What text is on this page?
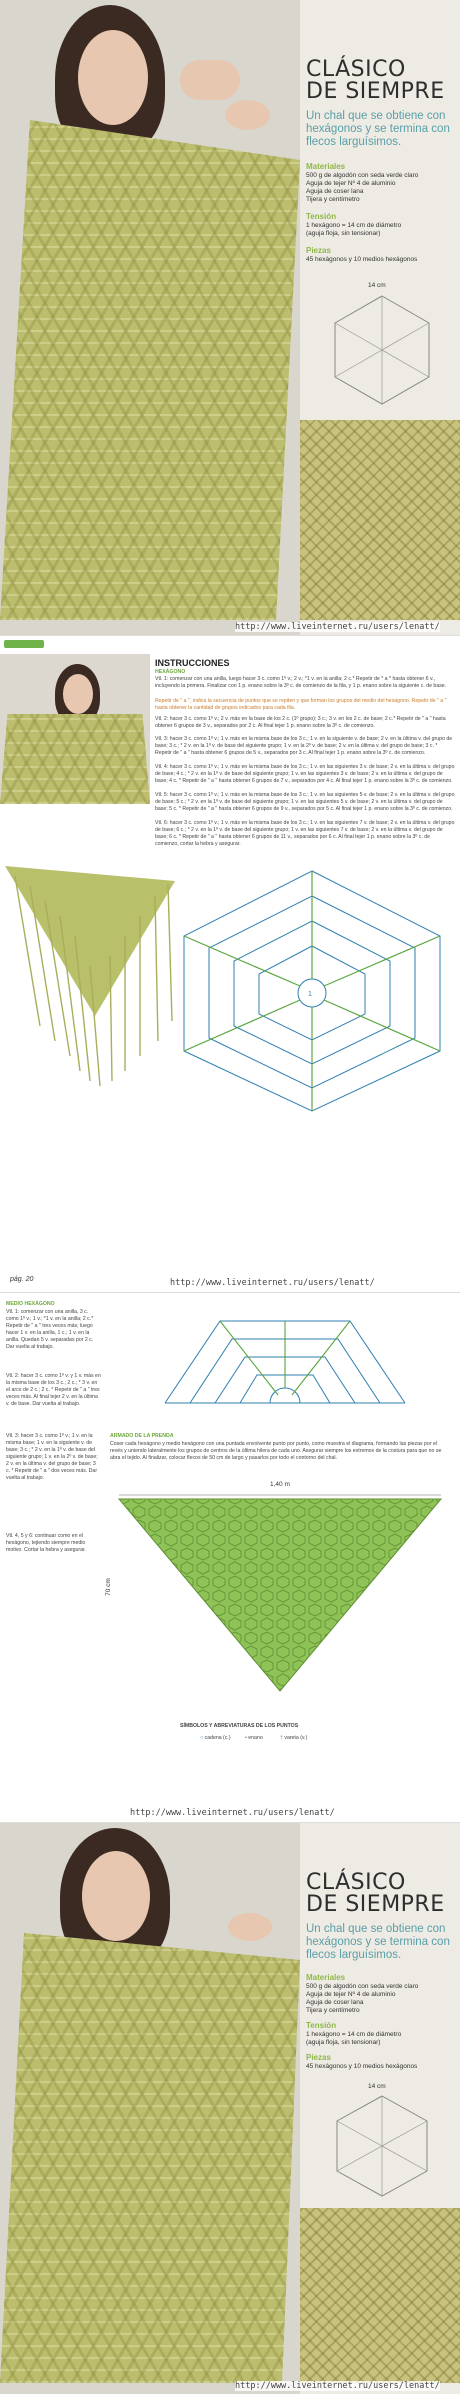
CLÁSICO
DE SIEMPRE
Un chal que se obtiene con hexágonos y se termina con flecos larguísimos.
Materiales
500 g de algodón con seda verde claro
Aguja de tejer Nº 4 de aluminio
Aguja de coser lana
Tijera y centímetro
Tensión
1 hexágono = 14 cm de diámetro
(aguja floja, sin tensionar)
Piezas
45 hexágonos y 10 medios hexágonos
14 cm
http://www.liveinternet.ru/users/lenatt/
INSTRUCCIONES
HEXÁGONO
Vtl. 1: comenzar con una anilla, luego hacer 3 c. como 1º v.; 2 v.; *1 v. en la anilla; 2 c.* Repetir de * a * hasta obtener 6 v., incluyendo la primera. Finalizar con 1 p. enano sobre la 3º c. de comienzo de la fila, y 1 p. enano sobre la siguiente c. de base.
Repetir de " a ", indica la secuencia de puntos que se repiten y que forman los grupos del medio del hexágono. Repetir de " a " hasta obtener la cantidad de grupos indicados para cada fila.
Vtl. 2: hacer 3 c. como 1º v.; 2 v. más en la base de los 2 c. (1º grupo); 3 c.; 3 v. en los 2 c. de base; 2 c.* Repetir de " a " hasta obtener 6 grupos de 3 v., separados por 2 c. Al final tejer 1 p. enano sobre la 3º c. de comienzo.
Vtl. 3: hacer 3 c. como 1º v.; 1 v. más en la misma base de los 3 c.; 1 v. en la siguiente v. de base; 2 v. en la última v. del grupo de base; 3 c.; * 2 v. en la 1º v. de base del siguiente grupo; 1 v. en la 2º v. de base; 2 v. en la última v. del grupo de base; 3 c. * Repetir de " a " hasta obtener 6 grupos de 5 v., separados por 3 c. Al final tejer 1 p. enano sobre la 3º c. de comienzo.
Vtl. 4: hacer 3 c. como 1º v.; 1 v. más en la misma base de los 3 c.; 1 v. en las siguientes 3 v. de base; 2 v. en la última v. del grupo de base; 4 c.; * 2 v. en la 1º v. de base del siguiente grupo; 1 v. en las siguientes 3 v. de base; 2 v. en la última v. del grupo de base; 4 c. * Repetir de " a " hasta obtener 6 grupos de 7 v., separados por 4 c. Al final tejer 1 p. enano sobre la 3º c. de comienzo.
Vtl. 5: hacer 3 c. como 1º v.; 1 v. más en la misma base de los 3 c.; 1 v. en las siguientes 5 v. de base; 2 v. en la última v. del grupo de base; 5 c.; * 2 v. en la 1º v. de base del siguiente grupo; 1 v. en las siguientes 5 v. de base; 2 v. en la última v. del grupo de base; 5 c. * Repetir de " a " hasta obtener 6 grupos de 9 v., separados por 5 c. Al final tejer 1 p. enano sobre la 3º c. de comienzo.
Vtl. 6: hacer 3 c. como 1º v.; 1 v. más en la misma base de los 3 c.; 1 v. en las siguientes 7 v. de base; 2 v. en la última v. del grupo de base; 6 c.; * 2 v. en la 1º v. de base del siguiente grupo; 1 v. en las siguientes 7 v. de base; 2 v. en la última v. del grupo de base; 6 c. * Repetir de " a " hasta obtener 6 grupos de 11 v., separados por 6 c. Al final tejer 1 p. enano sobre la 3º c. de comienzo, cortar la hebra y asegurar.
pág. 20
1
http://www.liveinternet.ru/users/lenatt/
MEDIO HEXÁGONO
Vtl. 1: comenzar con una anilla, 3 c. como 1º v.; 1 v.; *1 v. en la anilla; 2 c.* Repetir de " a " tres veces más; luego hacer 1 v. en la anilla, 1 c.; 1 v. en la anilla. Quedan 5 v. separadas por 2 c. Dar vuelta al trabajo.
Vtl. 2: hacer 3 c. como 1º v. y 1 v. más en la misma base de los 3 c.; 2 c.; * 3 v. en el arco de 2 c.; 2 c. * Repetir de " a " tres veces más. Al final tejer 2 v. en la última v. de base. Dar vuelta al trabajo.
Vtl. 3: hacer 3 c. como 1º v.; 1 v. en la misma base; 1 v. en la siguiente v. de base; 3 c.; * 2 v. en la 1º v. de base del siguiente grupo; 1 v. en la 2º v. de base; 2 v. en la última v. del grupo de base; 3 c. * Repetir de " a " dos veces más. Dar vuelta al trabajo.
Vtl. 4, 5 y 6: continuar como en el hexágono, tejiendo siempre medio motivo. Cortar la hebra y asegurar.
ARMADO DE LA PRENDA
Coser cada hexágono y medio hexágono con una puntada envolvente punto por punto, como muestra el diagrama, formando las piezas por el revés y uniendo lateralmente los grupos de centros de la última hilera de cada uno. Asegurar siempre los extremos de la costura para que no se abra el tejido. Al finalizar, colocar flecos de 50 cm de largo y pasarlos por todo el contorno del chal.
1,40 m
70 cm
SÍMBOLOS Y ABREVIATURAS DE LOS PUNTOS
○ cadena (c.)	• enano	† vareta (v.)
http://www.liveinternet.ru/users/lenatt/
CLÁSICO
DE SIEMPRE
Un chal que se obtiene con hexágonos y se termina con flecos larguísimos.
Materiales
500 g de algodón con seda verde claro
Aguja de tejer Nº 4 de aluminio
Aguja de coser lana
Tijera y centímetro
Tensión
1 hexágono = 14 cm de diámetro
(aguja floja, sin tensionar)
Piezas
45 hexágonos y 10 medios hexágonos
14 cm
http://www.liveinternet.ru/users/lenatt/
